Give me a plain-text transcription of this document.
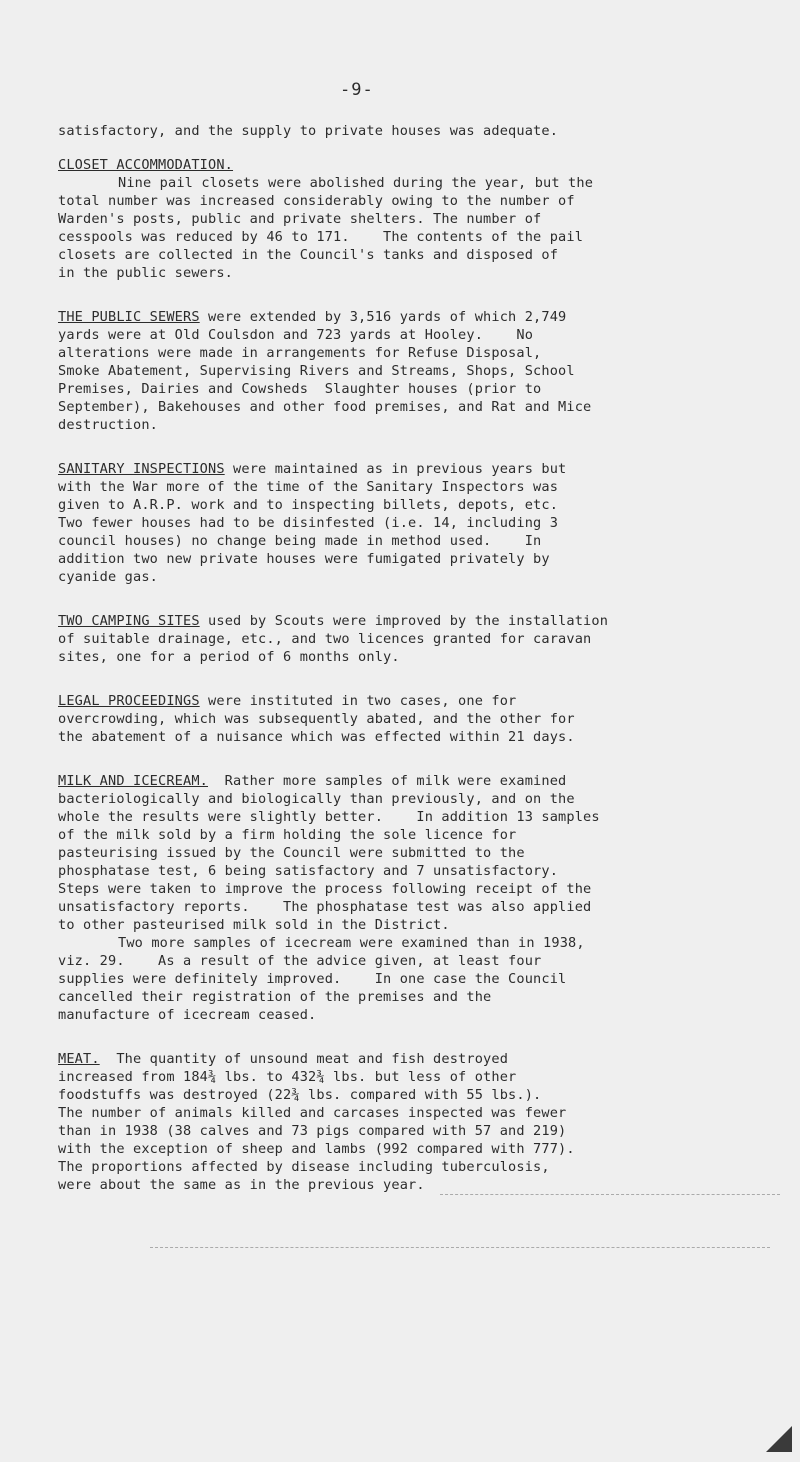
-9-
satisfactory, and the supply to private houses was adequate.
CLOSET ACCOMMODATION.
Nine pail closets were abolished during the year, but the
total number was increased considerably owing to the number of
Warden's posts, public and private shelters. The number of
cesspools was reduced by 46 to 171.    The contents of the pail
closets are collected in the Council's tanks and disposed of
in the public sewers.
THE PUBLIC SEWERS were extended by 3,516 yards of which 2,749
yards were at Old Coulsdon and 723 yards at Hooley.    No
alterations were made in arrangements for Refuse Disposal,
Smoke Abatement, Supervising Rivers and Streams, Shops, School
Premises, Dairies and Cowsheds  Slaughter houses (prior to
September), Bakehouses and other food premises, and Rat and Mice
destruction.
SANITARY INSPECTIONS were maintained as in previous years but
with the War more of the time of the Sanitary Inspectors was
given to A.R.P. work and to inspecting billets, depots, etc.
Two fewer houses had to be disinfested (i.e. 14, including 3
council houses) no change being made in method used.    In
addition two new private houses were fumigated privately by
cyanide gas.
TWO CAMPING SITES used by Scouts were improved by the installation
of suitable drainage, etc., and two licences granted for caravan
sites, one for a period of 6 months only.
LEGAL PROCEEDINGS were instituted in two cases, one for
overcrowding, which was subsequently abated, and the other for
the abatement of a nuisance which was effected within 21 days.
MILK AND ICECREAM.  Rather more samples of milk were examined
bacteriologically and biologically than previously, and on the
whole the results were slightly better.    In addition 13 samples
of the milk sold by a firm holding the sole licence for
pasteurising issued by the Council were submitted to the
phosphatase test, 6 being satisfactory and 7 unsatisfactory.
Steps were taken to improve the process following receipt of the
unsatisfactory reports.    The phosphatase test was also applied
to other pasteurised milk sold in the District.
Two more samples of icecream were examined than in 1938,
viz. 29.    As a result of the advice given, at least four
supplies were definitely improved.    In one case the Council
cancelled their registration of the premises and the
manufacture of icecream ceased.
MEAT.  The quantity of unsound meat and fish destroyed
increased from 184¾ lbs. to 432¾ lbs. but less of other
foodstuffs was destroyed (22¾ lbs. compared with 55 lbs.).
The number of animals killed and carcases inspected was fewer
than in 1938 (38 calves and 73 pigs compared with 57 and 219)
with the exception of sheep and lambs (992 compared with 777).
The proportions affected by disease including tuberculosis,
were about the same as in the previous year.
